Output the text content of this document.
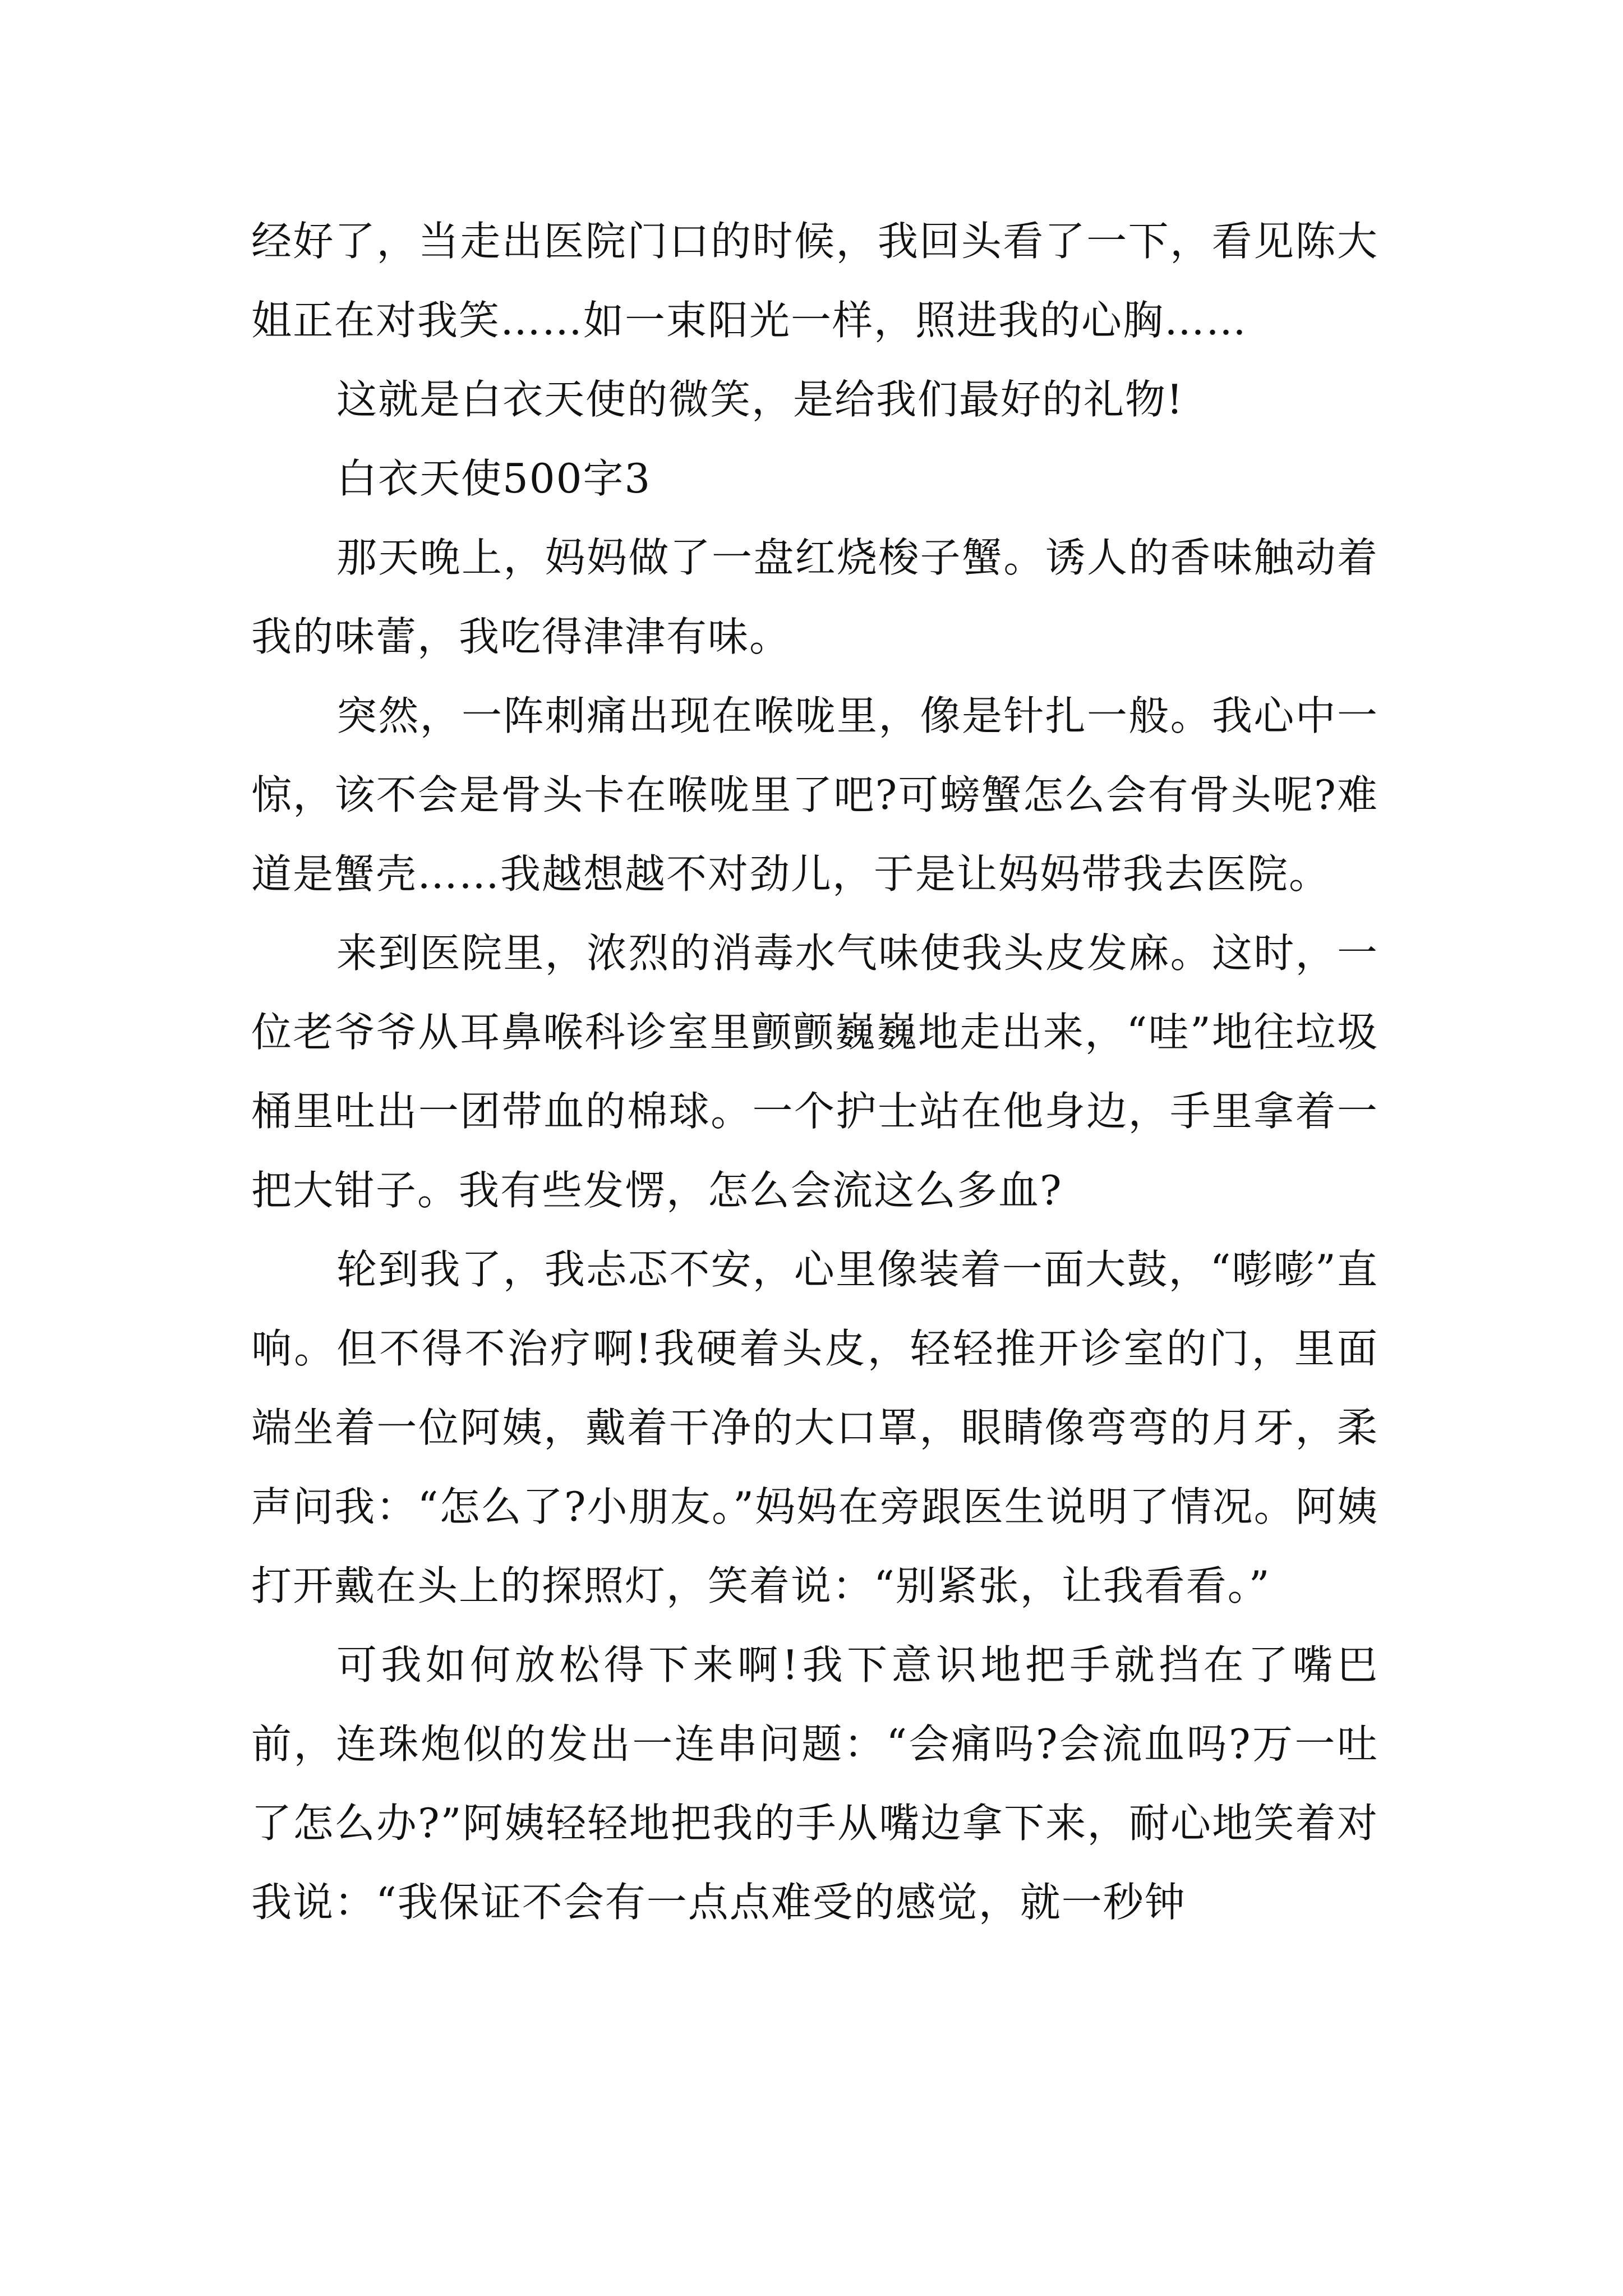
经好了，当走出医院门口的时候，我回头看了一下，看见陈大姐正在对我笑……如一束阳光一样，照进我的心胸……

这就是白衣天使的微笑，是给我们最好的礼物!

白衣天使500字3

那天晚上，妈妈做了一盘红烧梭子蟹。诱人的香味触动着我的味蕾，我吃得津津有味。

突然，一阵刺痛出现在喉咙里，像是针扎一般。我心中一惊，该不会是骨头卡在喉咙里了吧?可螃蟹怎么会有骨头呢?难道是蟹壳……我越想越不对劲儿，于是让妈妈带我去医院。

来到医院里，浓烈的消毒水气味使我头皮发麻。这时，一位老爷爷从耳鼻喉科诊室里颤颤巍巍地走出来，“哇”地往垃圾桶里吐出一团带血的棉球。一个护士站在他身边，手里拿着一把大钳子。我有些发愣，怎么会流这么多血?

轮到我了，我忐忑不安，心里像装着一面大鼓，“嘭嘭”直响。但不得不治疗啊!我硬着头皮，轻轻推开诊室的门，里面端坐着一位阿姨，戴着干净的大口罩，眼睛像弯弯的月牙，柔声问我：“怎么了?小朋友。”妈妈在旁跟医生说明了情况。阿姨打开戴在头上的探照灯，笑着说：“别紧张，让我看看。”

可我如何放松得下来啊!我下意识地把手就挡在了嘴巴前，连珠炮似的发出一连串问题：“会痛吗?会流血吗?万一吐了怎么办?”阿姨轻轻地把我的手从嘴边拿下来，耐心地笑着对我说：“我保证不会有一点点难受的感觉，就一秒钟
